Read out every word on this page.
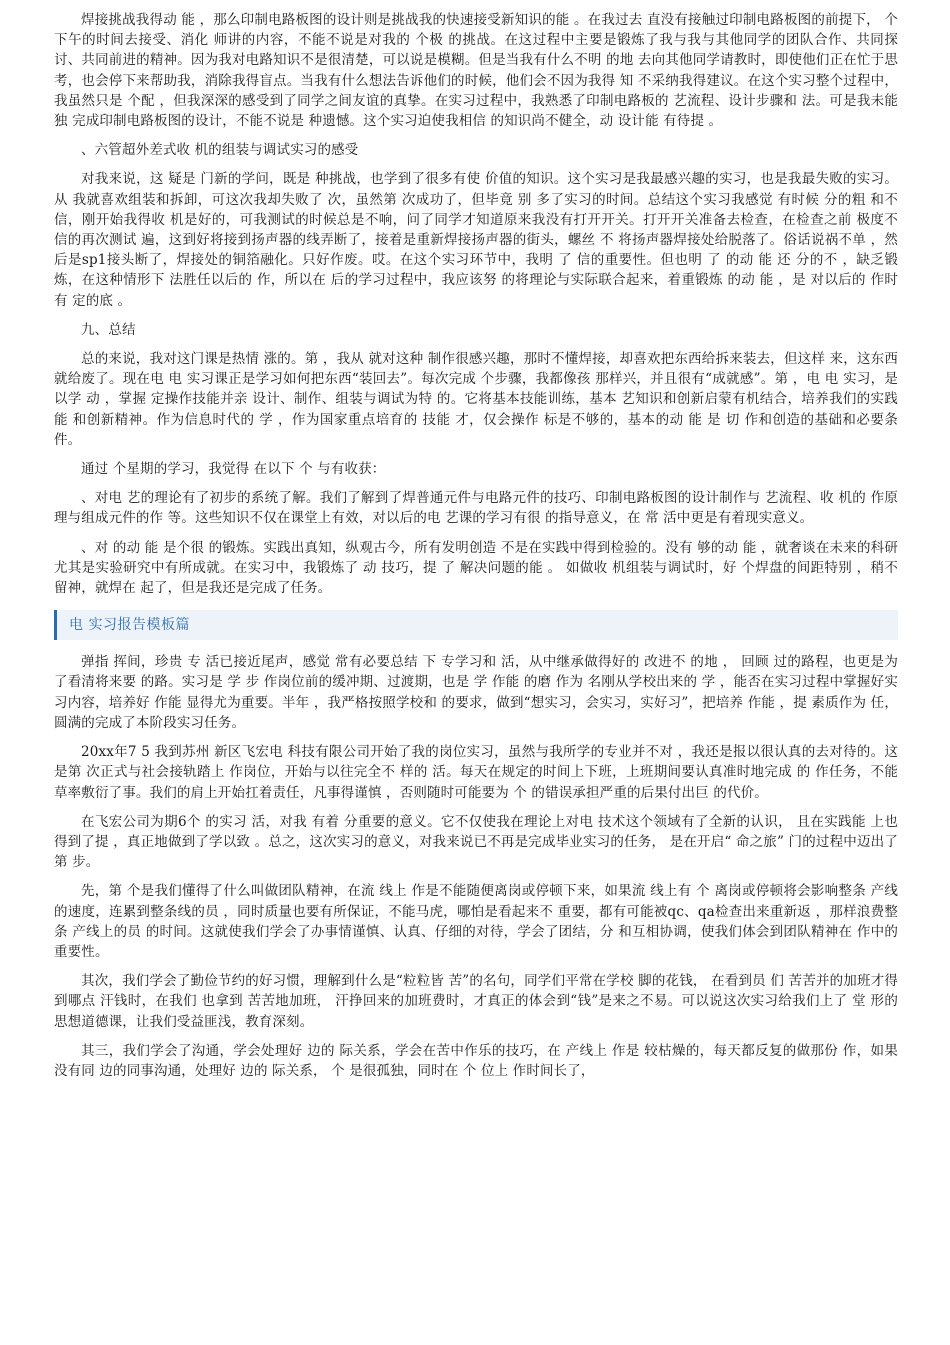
焊接挑战我得动 能 ，那么印制电路板图的设计则是挑战我的快速接受新知识的能 。在我过去 直没有接触过印制电路板图的前提下， 个下午的时间去接受、消化 师讲的内容，不能不说是对我的 个极 的挑战。在这过程中主要是锻炼了我与我与其他同学的团队合作、共同探讨、共同前进的精神。因为我对电路知识不是很清楚，可以说是模糊。但是当我有什么不明 的地 去向其他同学请教时，即使他们正在忙于思考，也会停下来帮助我，消除我得盲点。当我有什么想法告诉他们的时候，他们会不因为我得 知 不采纳我得建议。在这个实习整个过程中，我虽然只是 个配 ，但我深深的感受到了同学之间友谊的真挚。在实习过程中，我熟悉了印制电路板的 艺流程、设计步骤和 法。可是我未能独 完成印制电路板图的设计，不能不说是 种遗憾。这个实习迫使我相信 的知识尚不健全，动 设计能 有待提 。

、六管超外差式收 机的组装与调试实习的感受

对我来说，这 疑是 门新的学问，既是 种挑战，也学到了很多有使 价值的知识。这个实习是我最感兴趣的实习，也是我最失败的实习。从 我就喜欢组装和拆卸，可这次我却失败了 次，虽然第 次成功了，但毕竟 别 多了实习的时间。总结这个实习我感觉 有时候 分的粗 和不 信，刚开始我得收 机是好的，可我测试的时候总是不响，问了同学才知道原来我没有打开开关。打开开关准备去检查，在检查之前 极度不 信的再次测试 遍，这到好将接到扬声器的线弄断了，接着是重新焊接扬声器的街头，螺丝 不 将扬声器焊接处给脱落了。俗话说祸不单 ，然后是sp1接头断了，焊接处的铜箔融化。只好作废。哎。在这个实习环节中，我明 了 信的重要性。但也明 了 的动 能 还 分的不 ，缺乏锻炼，在这种情形下 法胜任以后的 作，所以在 后的学习过程中，我应该努 的将理论与实际联合起来，着重锻炼 的动 能 ，是 对以后的 作时有 定的底 。

九、总结

总的来说，我对这门课是热情 涨的。第 ，我从 就对这种 制作很感兴趣，那时不懂焊接，却喜欢把东西给拆来装去，但这样 来，这东西就给废了。现在电 电 实习课正是学习如何把东西“装回去”。每次完成 个步骤，我都像孩 那样兴，并且很有“成就感”。第 ，电 电 实习，是以学 动 ，掌握 定操作技能并亲 设计、制作、组装与调试为特 的。它将基本技能训练，基本 艺知识和创新启蒙有机结合，培养我们的实践能 和创新精神。作为信息时代的 学 ，作为国家重点培育的 技能 才，仅会操作 标是不够的，基本的动 能 是 切 作和创造的基础和必要条件。

通过 个星期的学习，我觉得 在以下 个 与有收获：

、对电 艺的理论有了初步的系统了解。我们了解到了焊普通元件与电路元件的技巧、印制电路板图的设计制作与 艺流程、收 机的 作原理与组成元件的作 等。这些知识不仅在课堂上有效，对以后的电 艺课的学习有很 的指导意义，在 常 活中更是有着现实意义。

、对 的动 能 是个很 的锻炼。实践出真知，纵观古今，所有发明创造 不是在实践中得到检验的。没有 够的动 能 ，就奢谈在未来的科研尤其是实验研究中有所成就。在实习中，我锻炼了 动 技巧，提 了 解决问题的能 。 如做收 机组装与调试时，好 个焊盘的间距特别 ，稍不留神，就焊在 起了，但是我还是完成了任务。

电 实习报告模板篇

弹指 挥间，珍贵 专 活已接近尾声，感觉 常有必要总结 下 专学习和 活，从中继承做得好的 改进不 的地 ， 回顾 过的路程，也更是为了看清将来要 的路。实习是 学 步 作岗位前的缓冲期、过渡期，也是 学 作能 的磨 作为 名刚从学校出来的 学 ，能否在实习过程中掌握好实习内容，培养好 作能 显得尤为重要。半年 ，我严格按照学校和 的要求，做到“想实习，会实习，实好习”，把培养 作能 ，提 素质作为 任，圆满的完成了本阶段实习任务。

20xx年7 5 我到苏州 新区飞宏电 科技有限公司开始了我的岗位实习，虽然与我所学的专业并不对 ，我还是报以很认真的去对待的。这是第 次正式与社会接轨踏上 作岗位，开始与以往完全不 样的 活。每天在规定的时间上下班，上班期间要认真准时地完成 的 作任务，不能草率敷衍了事。我们的肩上开始扛着责任，凡事得谨慎 ，否则随时可能要为 个 的错误承担严重的后果付出巨 的代价。

在飞宏公司为期6个 的实习 活，对我 有着 分重要的意义。它不仅使我在理论上对电 技术这个领域有了全新的认识， 且在实践能 上也得到了提 ，真正地做到了学以致 。总之，这次实习的意义，对我来说已不再是完成毕业实习的任务， 是在开启“ 命之旅” 门的过程中迈出了第 步。

先，第 个是我们懂得了什么叫做团队精神，在流 线上 作是不能随便离岗或停顿下来，如果流 线上有 个 离岗或停顿将会影响整条 产线的速度，连累到整条线的员 ，同时质量也要有所保证，不能马虎，哪怕是看起来不 重要，都有可能被qc、qa检查出来重新返 ，那样浪费整条 产线上的员 的时间。这就使我们学会了办事情谨慎、认真、仔细的对待，学会了团结，分 和互相协调，使我们体会到团队精神在 作中的重要性。

其次，我们学会了勤俭节约的好习惯，理解到什么是“粒粒皆 苦”的名句，同学们平常在学校 脚的花钱， 在看到员 们 苦苦并的加班才得到哪点 汗钱时，在我们 也拿到 苦苦地加班， 汗挣回来的加班费时，才真正的体会到“钱”是来之不易。可以说这次实习给我们上了 堂 形的思想道德课，让我们受益匪浅，教育深刻。

其三，我们学会了沟通，学会处理好 边的 际关系，学会在苦中作乐的技巧，在 产线上 作是 较枯燥的，每天都反复的做那份 作，如果没有同 边的同事沟通，处理好 边的 际关系， 个 是很孤独，同时在 个 位上 作时间长了，
